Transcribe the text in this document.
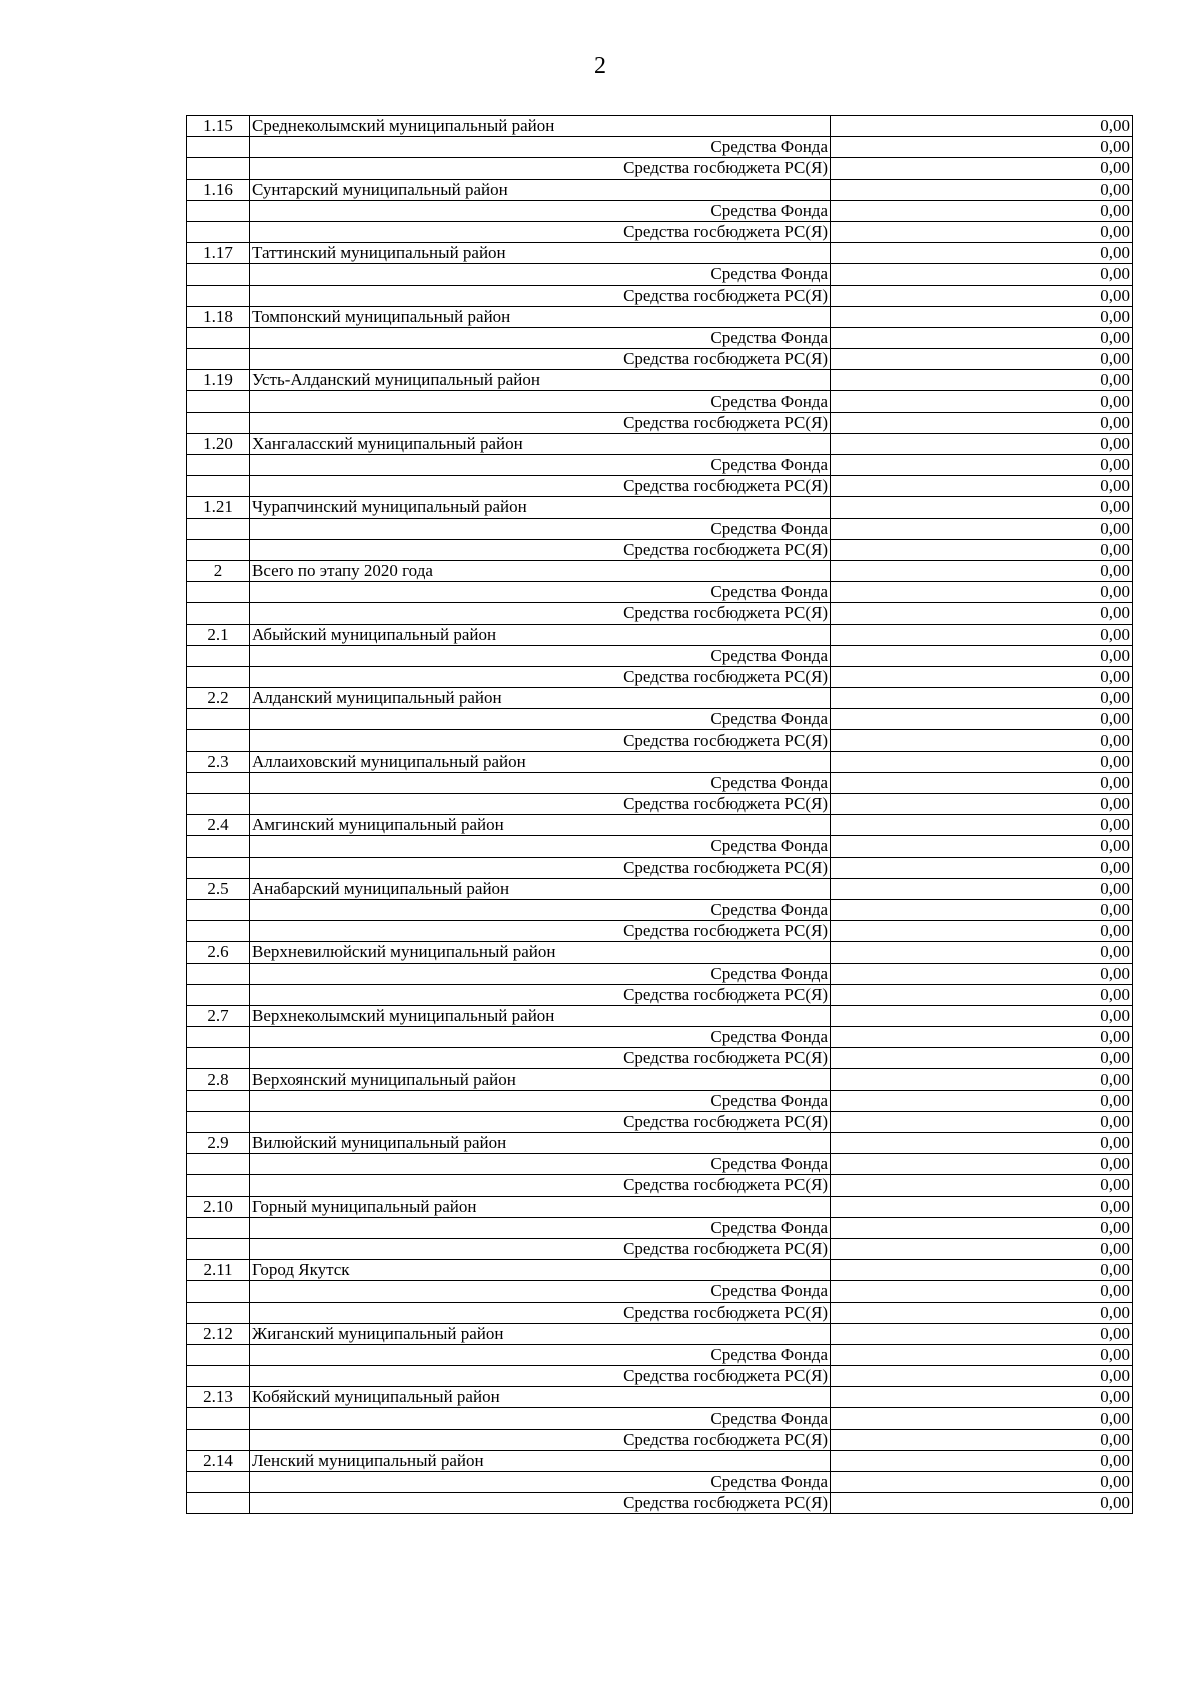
2
1.15	Среднеколымский муниципальный район	0,00
	Средства Фонда	0,00
	Средства госбюджета РС(Я)	0,00
1.16	Сунтарский муниципальный район	0,00
	Средства Фонда	0,00
	Средства госбюджета РС(Я)	0,00
1.17	Таттинский муниципальный район	0,00
	Средства Фонда	0,00
	Средства госбюджета РС(Я)	0,00
1.18	Томпонский муниципальный район	0,00
	Средства Фонда	0,00
	Средства госбюджета РС(Я)	0,00
1.19	Усть-Алданский муниципальный район	0,00
	Средства Фонда	0,00
	Средства госбюджета РС(Я)	0,00
1.20	Хангаласский муниципальный район	0,00
	Средства Фонда	0,00
	Средства госбюджета РС(Я)	0,00
1.21	Чурапчинский муниципальный район	0,00
	Средства Фонда	0,00
	Средства госбюджета РС(Я)	0,00
2	Всего по этапу 2020 года	0,00
	Средства Фонда	0,00
	Средства госбюджета РС(Я)	0,00
2.1	Абыйский муниципальный район	0,00
	Средства Фонда	0,00
	Средства госбюджета РС(Я)	0,00
2.2	Алданский муниципальный район	0,00
	Средства Фонда	0,00
	Средства госбюджета РС(Я)	0,00
2.3	Аллаиховский муниципальный район	0,00
	Средства Фонда	0,00
	Средства госбюджета РС(Я)	0,00
2.4	Амгинский муниципальный район	0,00
	Средства Фонда	0,00
	Средства госбюджета РС(Я)	0,00
2.5	Анабарский муниципальный район	0,00
	Средства Фонда	0,00
	Средства госбюджета РС(Я)	0,00
2.6	Верхневилюйский муниципальный район	0,00
	Средства Фонда	0,00
	Средства госбюджета РС(Я)	0,00
2.7	Верхнеколымский муниципальный район	0,00
	Средства Фонда	0,00
	Средства госбюджета РС(Я)	0,00
2.8	Верхоянский муниципальный район	0,00
	Средства Фонда	0,00
	Средства госбюджета РС(Я)	0,00
2.9	Вилюйский муниципальный район	0,00
	Средства Фонда	0,00
	Средства госбюджета РС(Я)	0,00
2.10	Горный муниципальный район	0,00
	Средства Фонда	0,00
	Средства госбюджета РС(Я)	0,00
2.11	Город Якутск	0,00
	Средства Фонда	0,00
	Средства госбюджета РС(Я)	0,00
2.12	Жиганский муниципальный район	0,00
	Средства Фонда	0,00
	Средства госбюджета РС(Я)	0,00
2.13	Кобяйский муниципальный район	0,00
	Средства Фонда	0,00
	Средства госбюджета РС(Я)	0,00
2.14	Ленский муниципальный район	0,00
	Средства Фонда	0,00
	Средства госбюджета РС(Я)	0,00
